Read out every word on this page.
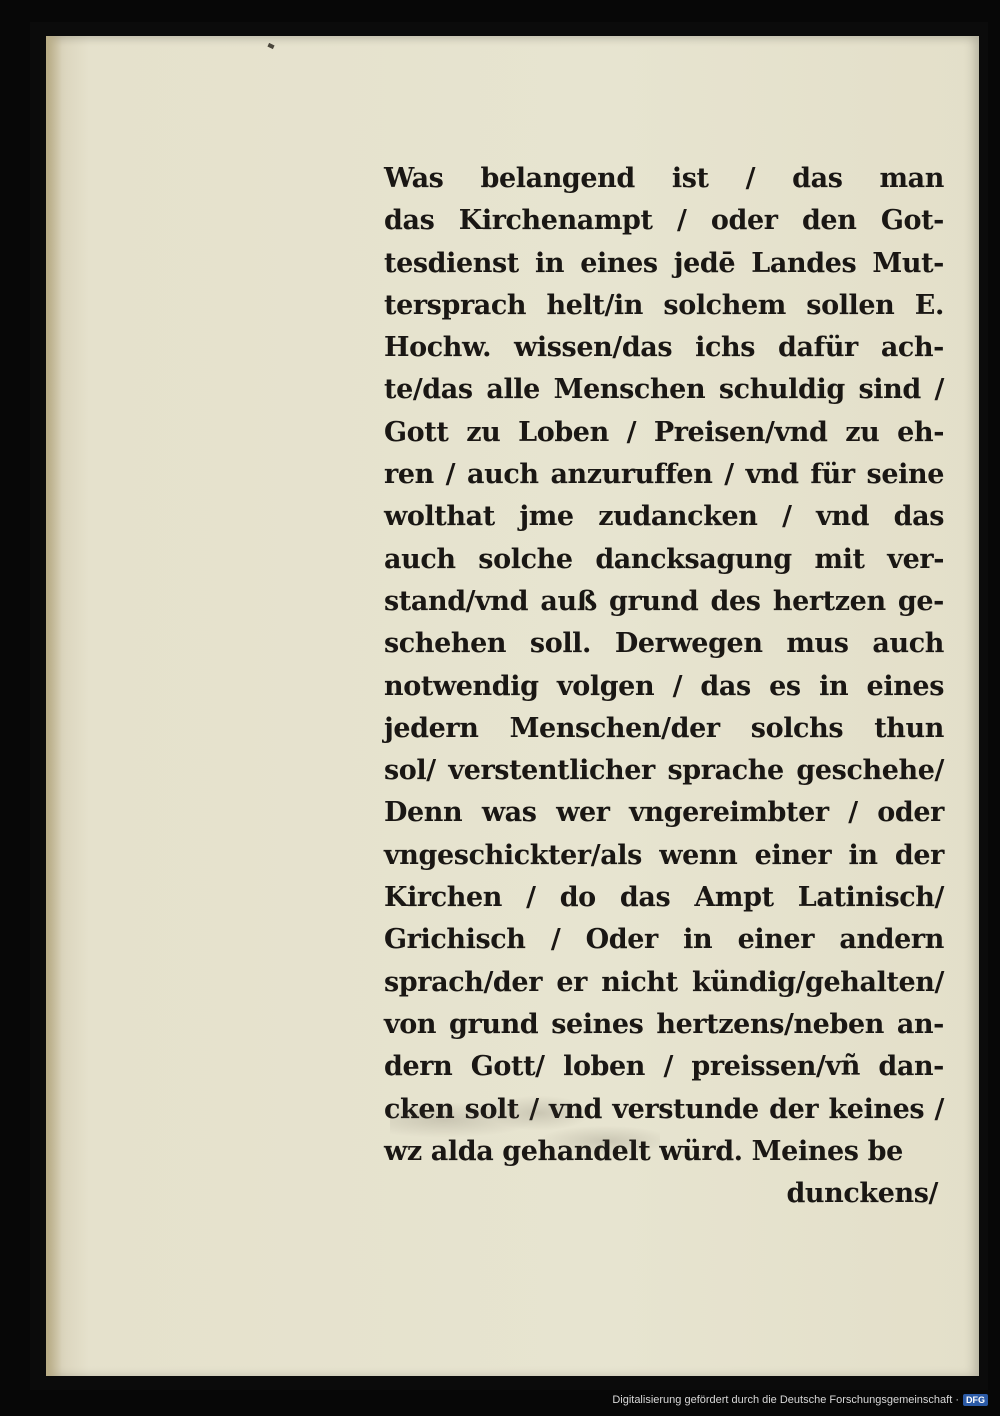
Was belangend ist / das man
das Kirchenampt / oder den Got-
tesdienst in eines jedē Landes Mut-
tersprach helt/in solchem sollen E.
Hochw. wissen/das ichs dafür ach-
te/das alle Menschen schuldig sind /
Gott zu Loben / Preisen/vnd zu eh-
ren / auch anzuruffen / vnd für seine
wolthat jme zudancken / vnd das
auch solche dancksagung mit ver-
stand/vnd auß grund des hertzen ge-
schehen soll. Derwegen mus auch
notwendig volgen / das es in eines
jedern Menschen/der solchs thun
sol/ verstentlicher sprache geschehe/
Denn was wer vngereimbter / oder
vngeschickter/als wenn einer in der
Kirchen / do das Ampt Latinisch/
Grichisch / Oder in einer andern
sprach/der er nicht kündig/gehalten/
von grund seines hertzens/neben an-
dern Gott/ loben / preissen/vñ dan-
cken solt / vnd verstunde der keines /
wz alda gehandelt würd. Meines be
dunckens/
Digitalisierung gefördert durch die Deutsche Forschungsgemeinschaft · DFG
